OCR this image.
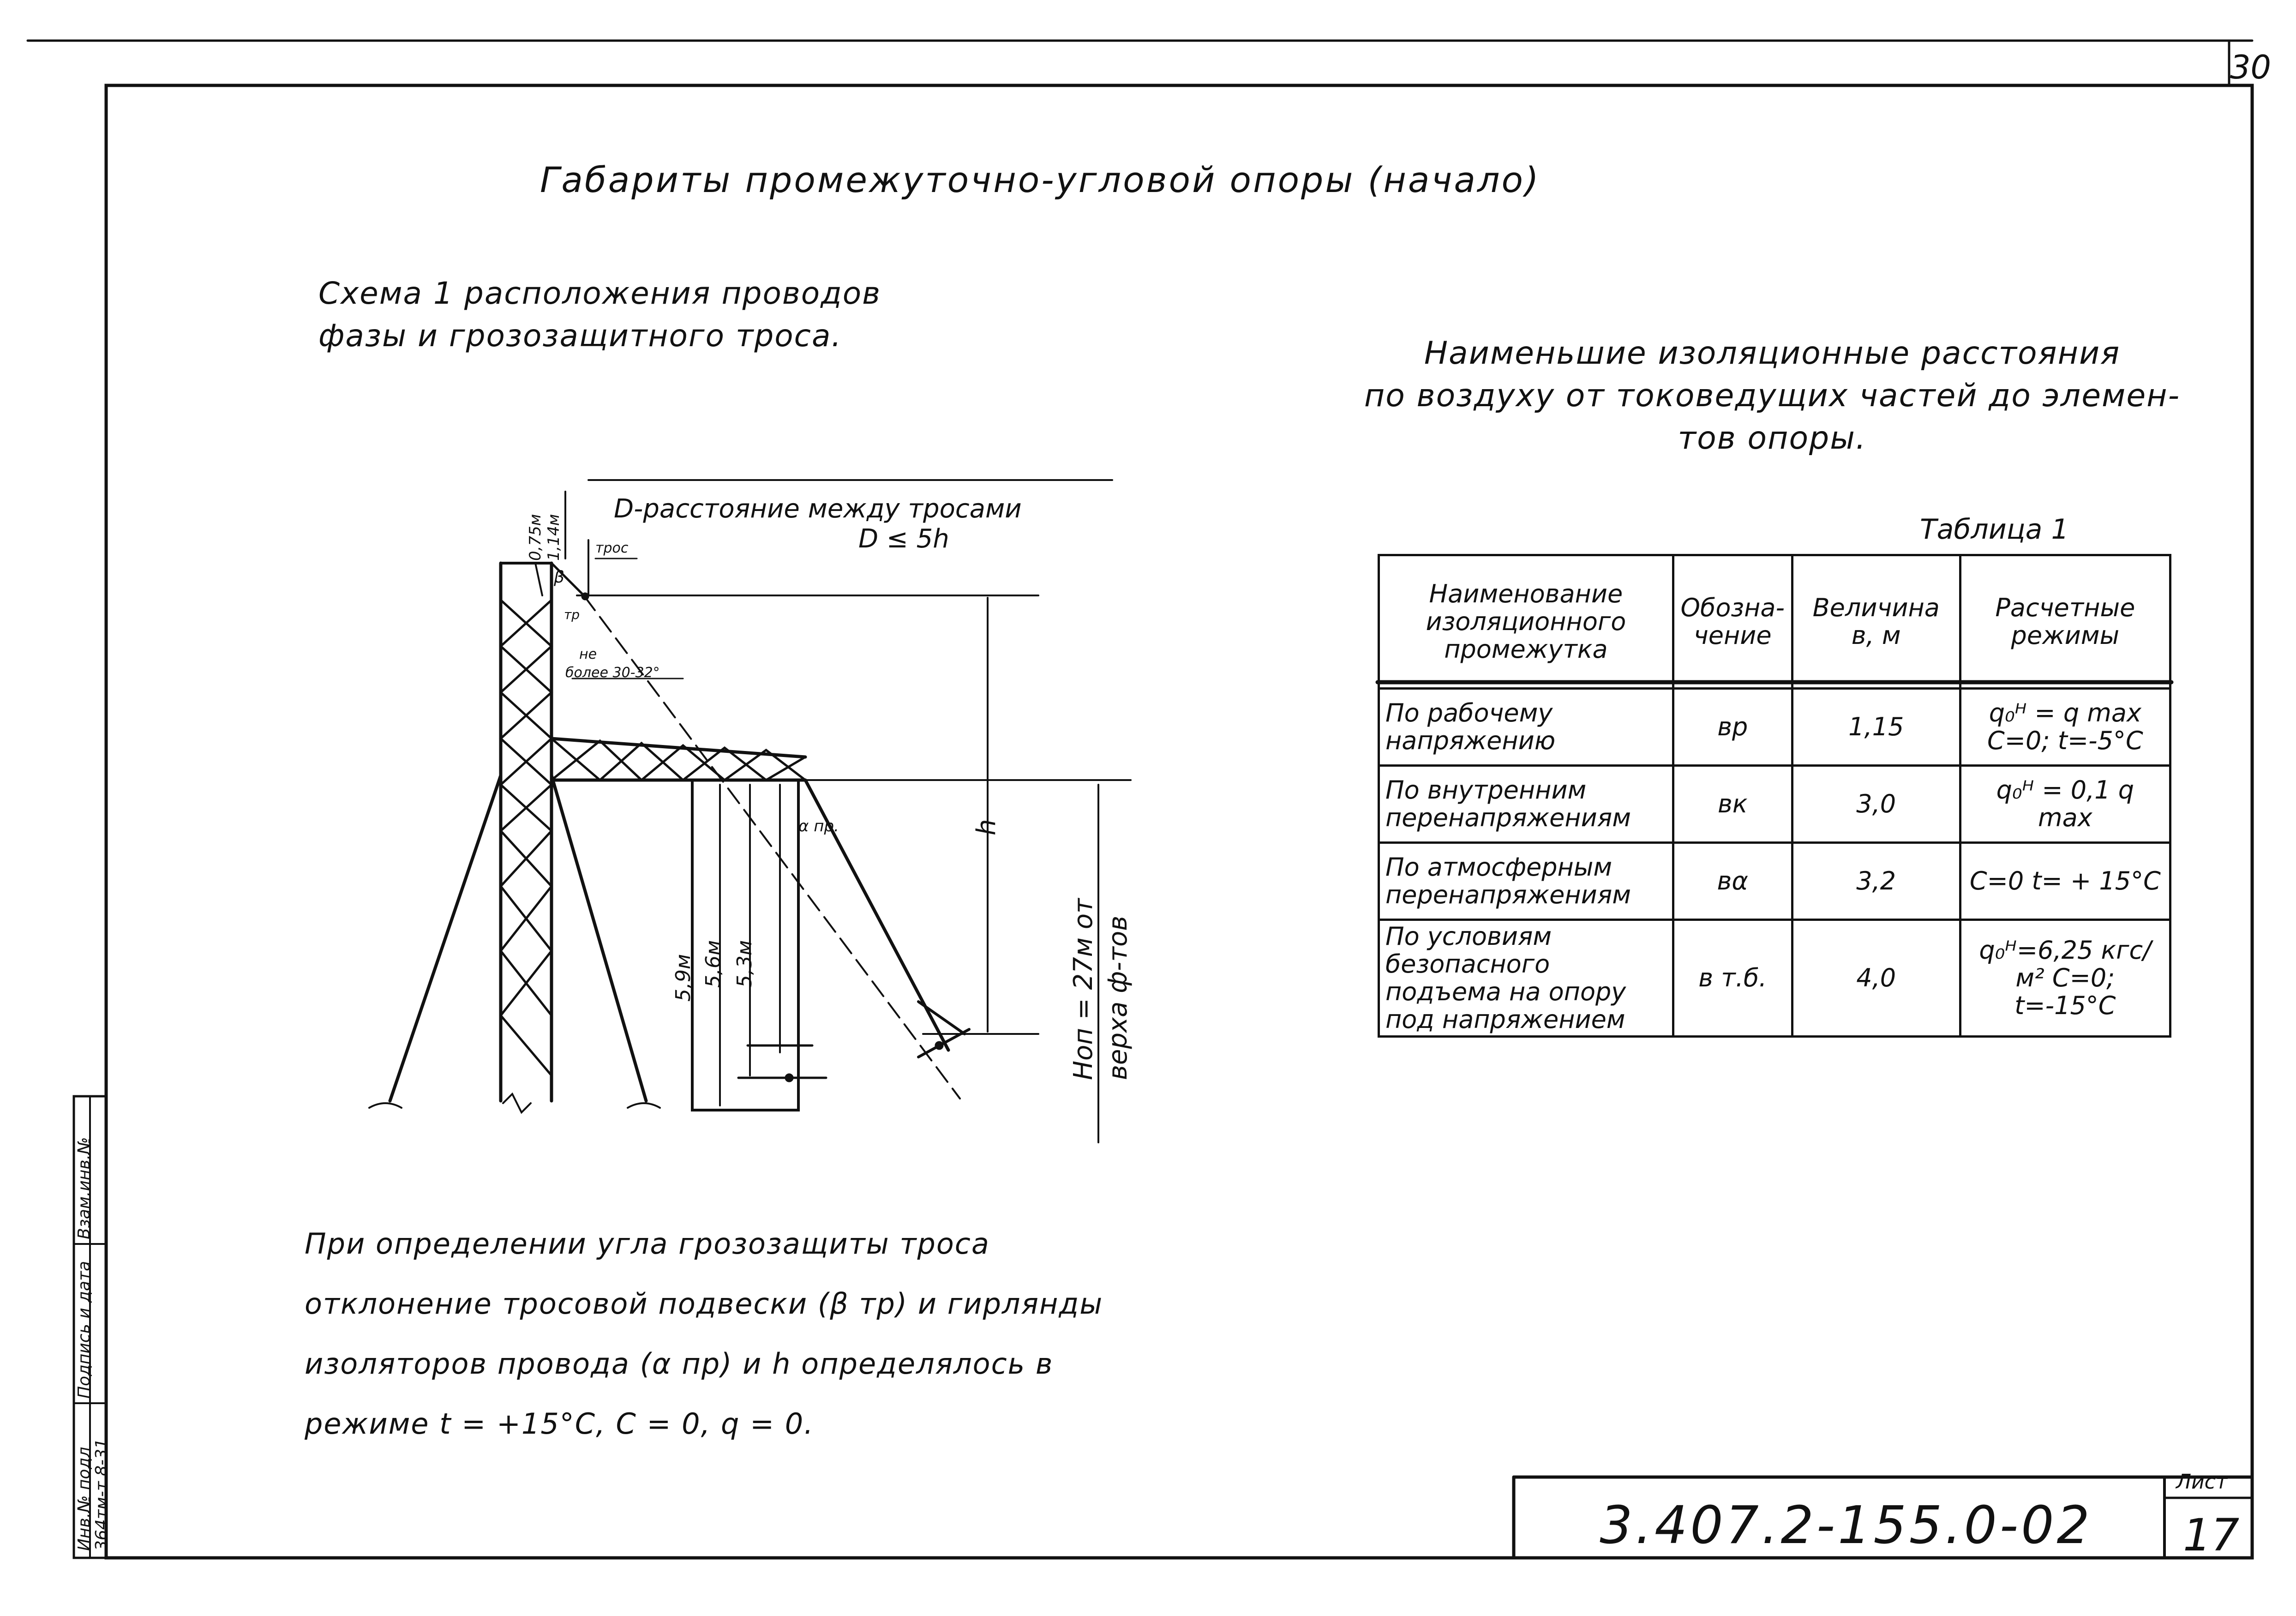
Габариты промежуточно-угловой опоры (начало)
30
Схема 1 расположения проводов
фазы и грозозащитного троса.
D-расстояние между тросами
D ≤ 5h
трос
β
тр
не
более 30-32°
α пр.
0,75м 1,14м
5,9м 5,6м 5,3м
h
Hоп = 27м от верха ф-тов
Наименьшие изоляционные расстояния
по воздуху от токоведущих частей до элемен-
тов опоры.
Таблица 1
Наименование изоляционного промежутка	Обозна-чение	Величина в, м	Расчетные режимы
По рабочему напряжению	вр	1,15	q₀ᴴ = q max C=0; t=-5°C
По внутренним перенапряжениям	вк	3,0	q₀ᴴ = 0,1 q max
По атмосферным перенапряжениям	вα	3,2	C=0 t= + 15°C
По условиям безопасного подъема на опору под напряжением	в т.б.	4,0	q₀ᴴ=6,25 кгс/м² C=0; t=-15°C
При определении угла грозозащиты троса
отклонение тросовой подвески (β тр) и гирлянды
изоляторов провода (α пр) и h определялось в
режиме t = +15°C, C = 0, q = 0.
Инв.№ подл
364тм-т 8-31
Подпись и дата
Взам.инв.№
3.407.2-155.0-02
Лист
17
